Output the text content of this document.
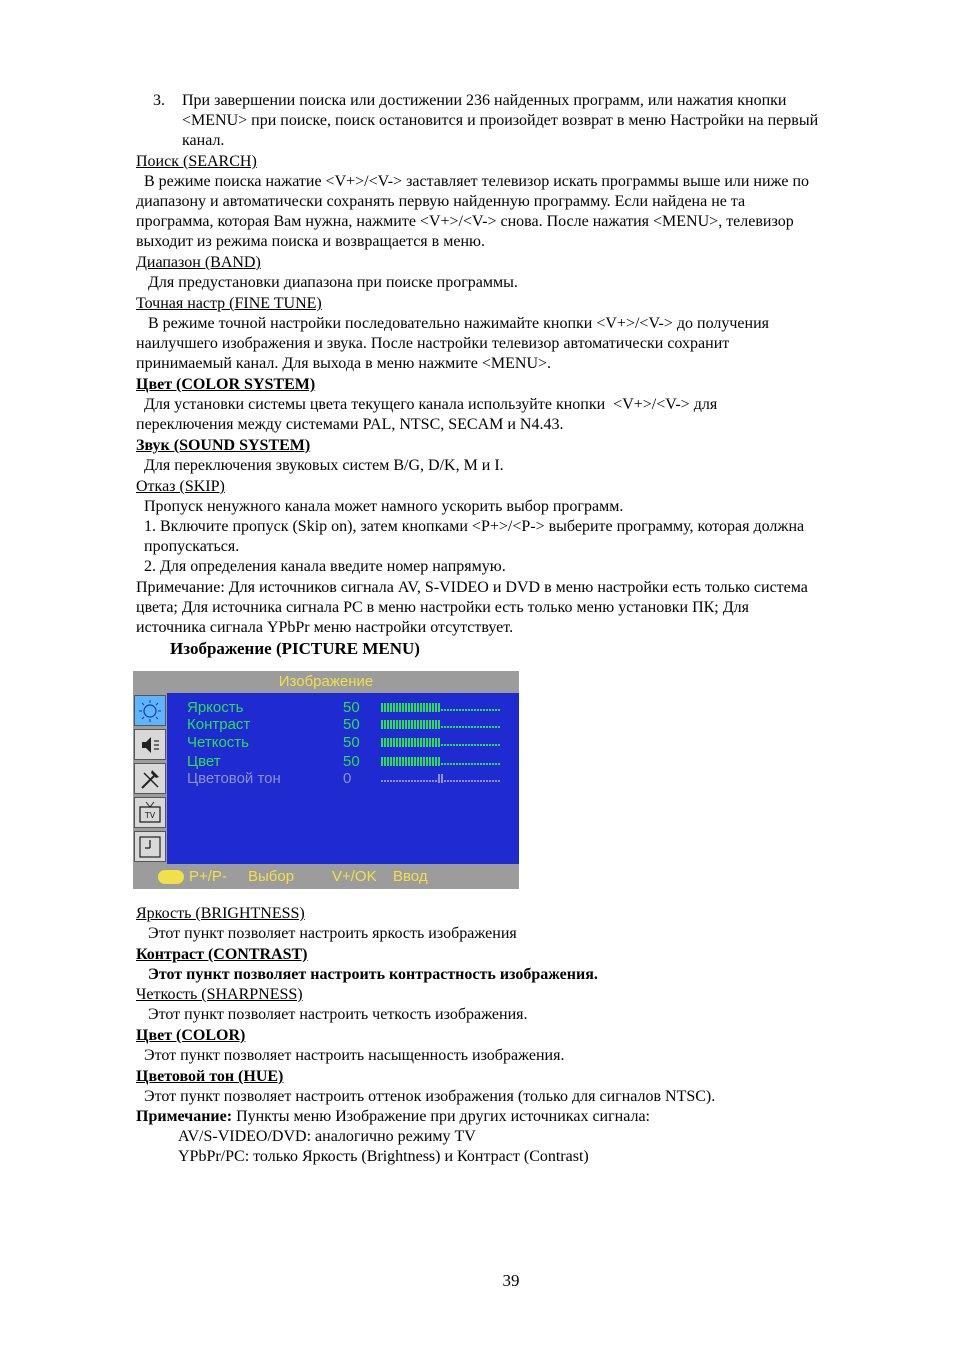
3. При завершении поиска или достижении 236 найденных программ, или нажатия кнопки

<MENU> при поиске, поиск остановится и произойдет возврат в меню Настройки на первый

канал.

Поиск (SEARCH)

В режиме поиска нажатие <V+>/<V-> заставляет телевизор искать программы выше или ниже по

диапазону и автоматически сохранять первую найденную программу. Если найдена не та

программа, которая Вам нужна, нажмите <V+>/<V-> снова. После нажатия <MENU>, телевизор

выходит из режима поиска и возвращается в меню.

Диапазон (BAND)

Для предустановки диапазона при поиске программы.

Точная настр (FINE TUNE)

В режиме точной настройки последовательно нажимайте кнопки <V+>/<V-> до получения

наилучшего изображения и звука. После настройки телевизор автоматически сохранит

принимаемый канал. Для выхода в меню нажмите <MENU>.

Цвет (COLOR SYSTEM)

Для установки системы цвета текущего канала используйте кнопки  <V+>/<V-> для

переключения между системами PAL, NTSC, SECAM и N4.43.

Звук (SOUND SYSTEM)

Для переключения звуковых систем B/G, D/K, M и I.

Отказ (SKIP)

Пропуск ненужного канала может намного ускорить выбор программ.

1. Включите пропуск (Skip on), затем кнопками <P+>/<P-> выберите программу, которая должна

пропускаться.

2. Для определения канала введите номер напрямую.

Примечание: Для источников сигнала AV, S-VIDEO и DVD в меню настройки есть только система

цвета; Для источника сигнала PC в меню настройки есть только меню установки ПК; Для

источника сигнала YPbPr меню настройки отсутствует.

Изображение (PICTURE MENU)

Изображение
TV
Яркость	50
Контраст	50
Четкость	50
Цвет	50
Цветовой тон	0
P+/P- Выбор	V+/OK Ввод

Яркость (BRIGHTNESS)

Этот пункт позволяет настроить яркость изображения

Контраст (CONTRAST)

Этот пункт позволяет настроить контрастность изображения.

Четкость (SHARPNESS)

Этот пункт позволяет настроить четкость изображения.

Цвет (COLOR)

Этот пункт позволяет настроить насыщенность изображения.

Цветовой тон (HUE)

Этот пункт позволяет настроить оттенок изображения (только для сигналов NTSC).

Примечание: Пункты меню Изображение при других источниках сигнала:

AV/S-VIDEO/DVD: аналогично режиму TV

YPbPr/PC: только Яркость (Brightness) и Контраст (Contrast)

39
